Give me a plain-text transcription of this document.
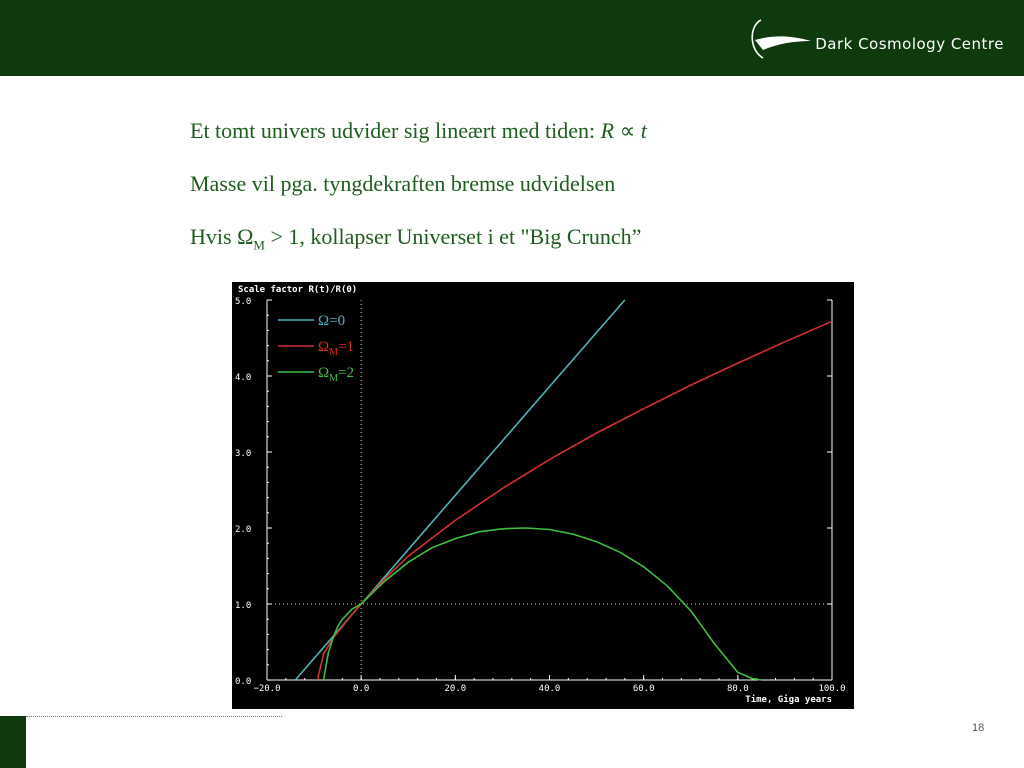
Dark Cosmology Centre
Et tomt univers udvider sig lineært med tiden: R ∝ t
Masse vil pga. tyngdekraften bremse udvidelsen
Hvis $\Omega_M > 1$, kollapser Universet i et "Big Crunch”
Scale factor R(t)/R(0)
0.0
1.0
2.0
3.0
4.0
5.0
−20.0	0.0	20.0	40.0	60.0	80.0	100.0
Time, Giga years
Ω=0
$\Omega_M=1$
$\Omega_M=2$
18
